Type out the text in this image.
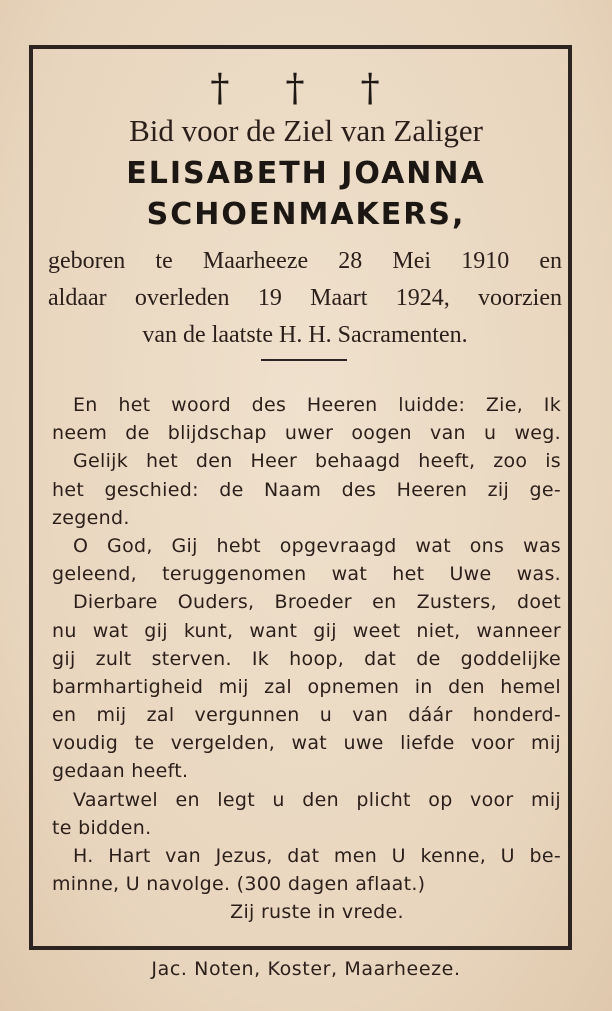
† † †
Bid voor de Ziel van Zaliger
ELISABETH JOANNA
SCHOENMAKERS,
geboren te Maarheeze 28 Mei 1910 en
aldaar overleden 19 Maart 1924, voorzien
van de laatste H. H. Sacramenten.
En het woord des Heeren luidde: Zie, Ik
neem de blijdschap uwer oogen van u weg.
Gelijk het den Heer behaagd heeft, zoo is
het geschied: de Naam des Heeren zij ge-
zegend.
O God, Gij hebt opgevraagd wat ons was
geleend, teruggenomen wat het Uwe was.
Dierbare Ouders, Broeder en Zusters, doet
nu wat gij kunt, want gij weet niet, wanneer
gij zult sterven. Ik hoop, dat de goddelijke
barmhartigheid mij zal opnemen in den hemel
en mij zal vergunnen u van dáár honderd-
voudig te vergelden, wat uwe liefde voor mij
gedaan heeft.
Vaartwel en legt u den plicht op voor mij
te bidden.
H. Hart van Jezus, dat men U kenne, U be-
minne, U navolge. (300 dagen aflaat.)
Zij ruste in vrede.
Jac. Noten, Koster, Maarheeze.
